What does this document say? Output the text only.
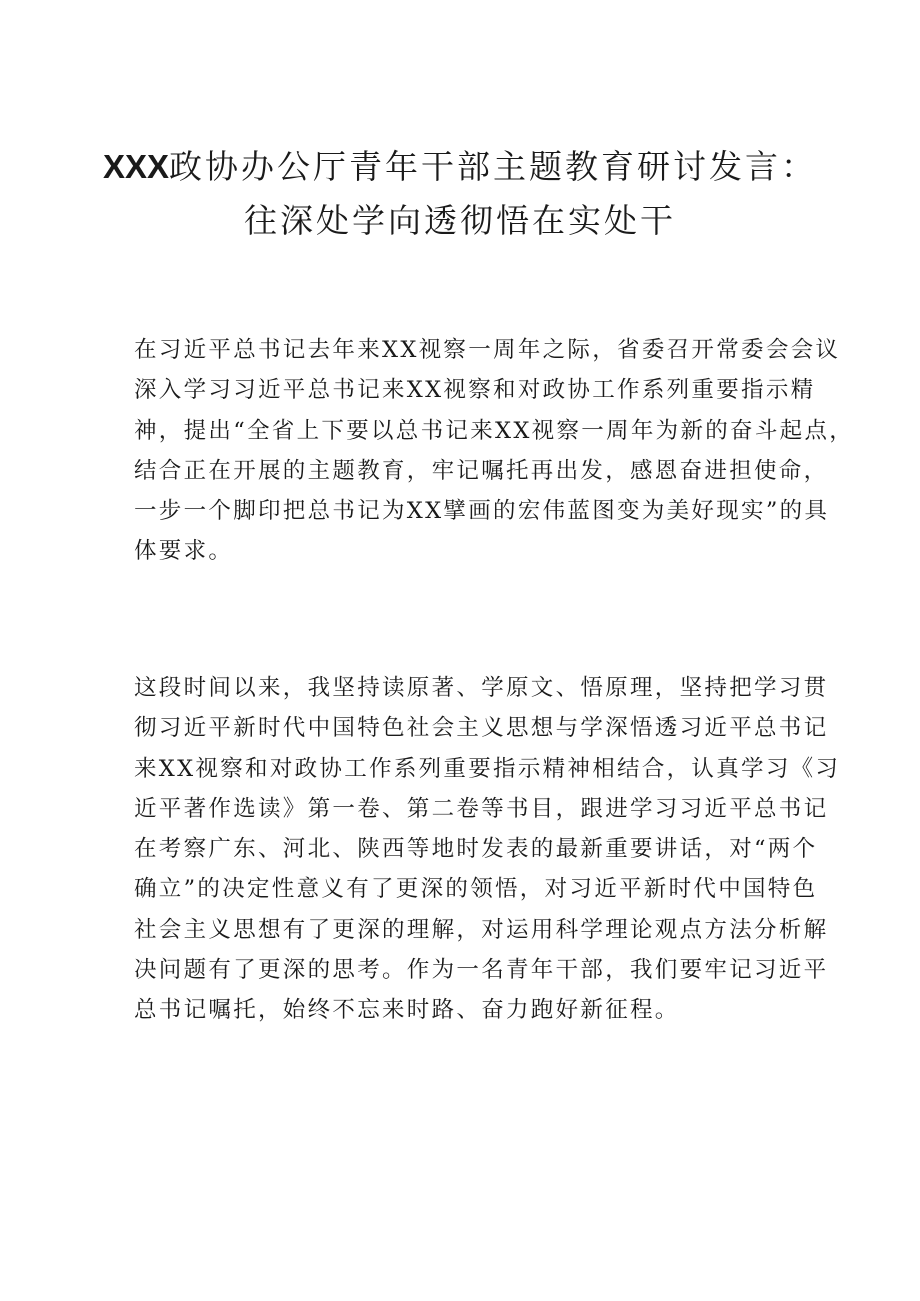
XXX政协办公厅青年干部主题教育研讨发言：
往深处学向透彻悟在实处干
在习近平总书记去年来XX视察一周年之际，省委召开常委会会议
深入学习习近平总书记来XX视察和对政协工作系列重要指示精
神，提出“全省上下要以总书记来XX视察一周年为新的奋斗起点，
结合正在开展的主题教育，牢记嘱托再出发，感恩奋进担使命，
一步一个脚印把总书记为XX擘画的宏伟蓝图变为美好现实”的具
体要求。
这段时间以来，我坚持读原著、学原文、悟原理，坚持把学习贯
彻习近平新时代中国特色社会主义思想与学深悟透习近平总书记
来XX视察和对政协工作系列重要指示精神相结合，认真学习《习
近平著作选读》第一卷、第二卷等书目，跟进学习习近平总书记
在考察广东、河北、陕西等地时发表的最新重要讲话，对“两个
确立”的决定性意义有了更深的领悟，对习近平新时代中国特色
社会主义思想有了更深的理解，对运用科学理论观点方法分析解
决问题有了更深的思考。作为一名青年干部，我们要牢记习近平
总书记嘱托，始终不忘来时路、奋力跑好新征程。
